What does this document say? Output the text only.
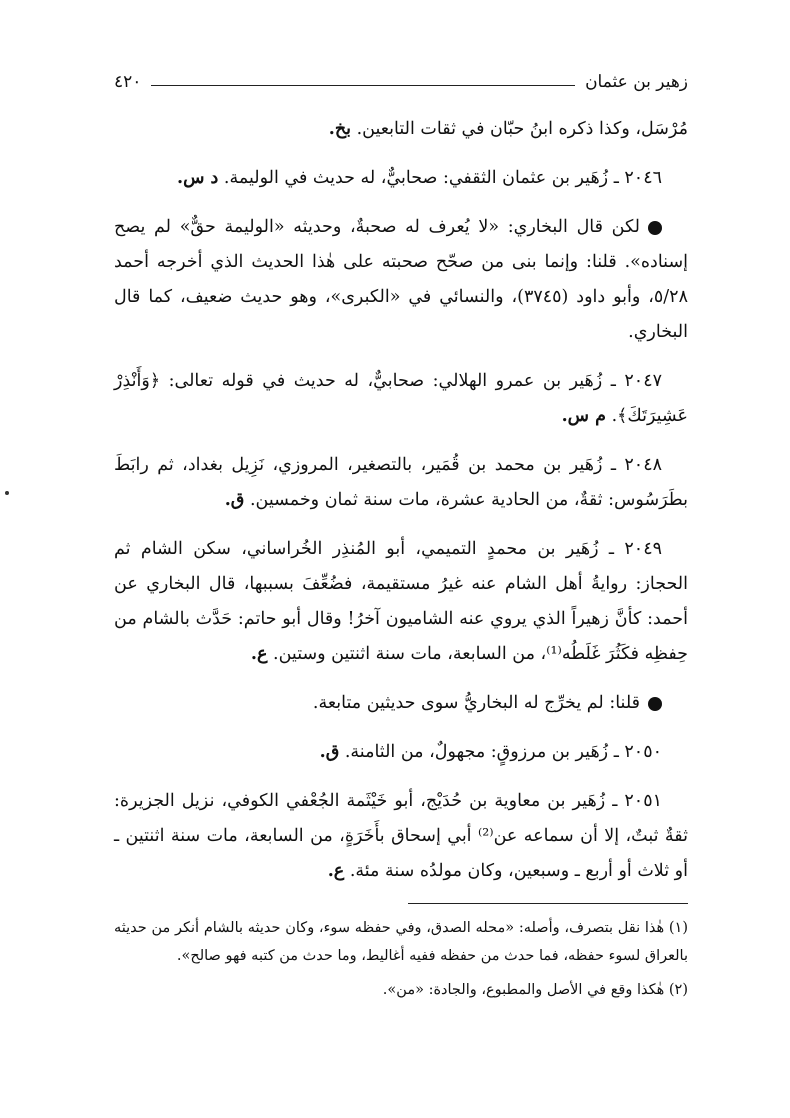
زهير بن عثمان
٤٢٠

مُرْسَل، وكذا ذكره ابنُ حبّان في ثقات التابعين. بخ.

٢٠٤٦ ـ زُهَير بن عثمان الثقفي: صحابيٌّ، له حديث في الوليمة. د س.

لكن قال البخاري: «لا يُعرف له صحبةٌ، وحديثه «الوليمة حقٌّ» لم يصح إسناده». قلنا: وإنما بنى من صحّح صحبته على هٰذا الحديث الذي أخرجه أحمد ٥/٢٨، وأبو داود (٣٧٤٥)، والنسائي في «الكبرى»، وهو حديث ضعيف، كما قال البخاري.

٢٠٤٧ ـ زُهَير بن عمرو الهلالي: صحابيٌّ، له حديث في قوله تعالى: ﴿وَأَنْذِرْ عَشِيرَتَكَ﴾. م س.

٢٠٤٨ ـ زُهَير بن محمد بن قُمَير، بالتصغير، المروزي، نَزِيل بغداد، ثم رابَطَ بطَرَسُوس: ثقةٌ، من الحادية عشرة، مات سنة ثمان وخمسين. ق.

٢٠٤٩ ـ زُهَير بن محمدٍ التميمي، أبو المُنذِر الخُراساني، سكن الشام ثم الحجاز: روايةُ أهل الشام عنه غيرُ مستقيمة، فضُعِّفَ بسببها، قال البخاري عن أحمد: كأنَّ زهيراً الذي يروي عنه الشاميون آخرُ! وقال أبو حاتم: حَدَّث بالشام من حِفظِه فكَثُرَ غَلَطُه⁽¹⁾، من السابعة، مات سنة اثنتين وستين. ع.

قلنا: لم يخرِّج له البخاريُّ سوى حديثين متابعة.

٢٠٥٠ ـ زُهَير بن مرزوقٍ: مجهولٌ، من الثامنة. ق.

٢٠٥١ ـ زُهَير بن معاوية بن حُدَيْج، أبو خَيْثَمة الجُعْفي الكوفي، نزيل الجزيرة: ثقةٌ ثبتٌ، إلا أن سماعه عن⁽²⁾ أبي إسحاق بأَخَرَةٍ، من السابعة، مات سنة اثنتين ـ أو ثلاث أو أربع ـ وسبعين، وكان مولدُه سنة مئة. ع.

(١) هٰذا نقل بتصرف، وأصله: «محله الصدق، وفي حفظه سوء، وكان حديثه بالشام أنكر من حديثه بالعراق لسوء حفظه، فما حدث من حفظه ففيه أغاليط، وما حدث من كتبه فهو صالح».

(٢) هٰكذا وقع في الأصل والمطبوع، والجادة: «من».
